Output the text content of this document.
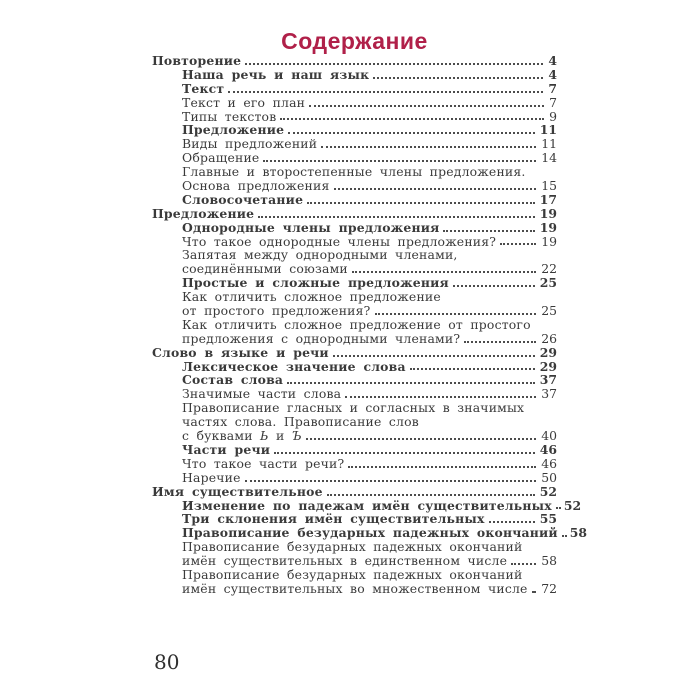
Содержание
Повторение	4
Наша речь и наш язык	4
Текст	7
Текст и его план	7
Типы текстов	9
Предложение	11
Виды предложений	11
Обращение	14
Главные и второстепенные члены предложения.
Основа предложения	15
Словосочетание	17
Предложение	19
Однородные члены предложения	19
Что такое однородные члены предложения?	19
Запятая между однородными членами,
соединёнными союзами	22
Простые и сложные предложения	25
Как отличить сложное предложение
от простого предложения?	25
Как отличить сложное предложение от простого
предложения с однородными членами?	26
Слово в языке и речи	29
Лексическое значение слова	29
Состав слова	37
Значимые части слова	37
Правописание гласных и согласных в значимых
частях слова. Правописание слов
с буквами Ь и Ъ	40
Части речи	46
Что такое части речи?	46
Наречие	50
Имя существительное	52
Изменение по падежам имён существительных 52
Три склонения имён существительных	55
Правописание безударных падежных окончаний 58
Правописание безударных падежных окончаний
имён существительных в единственном числе	58
Правописание безударных падежных окончаний
имён существительных во множественном числе 72
80
